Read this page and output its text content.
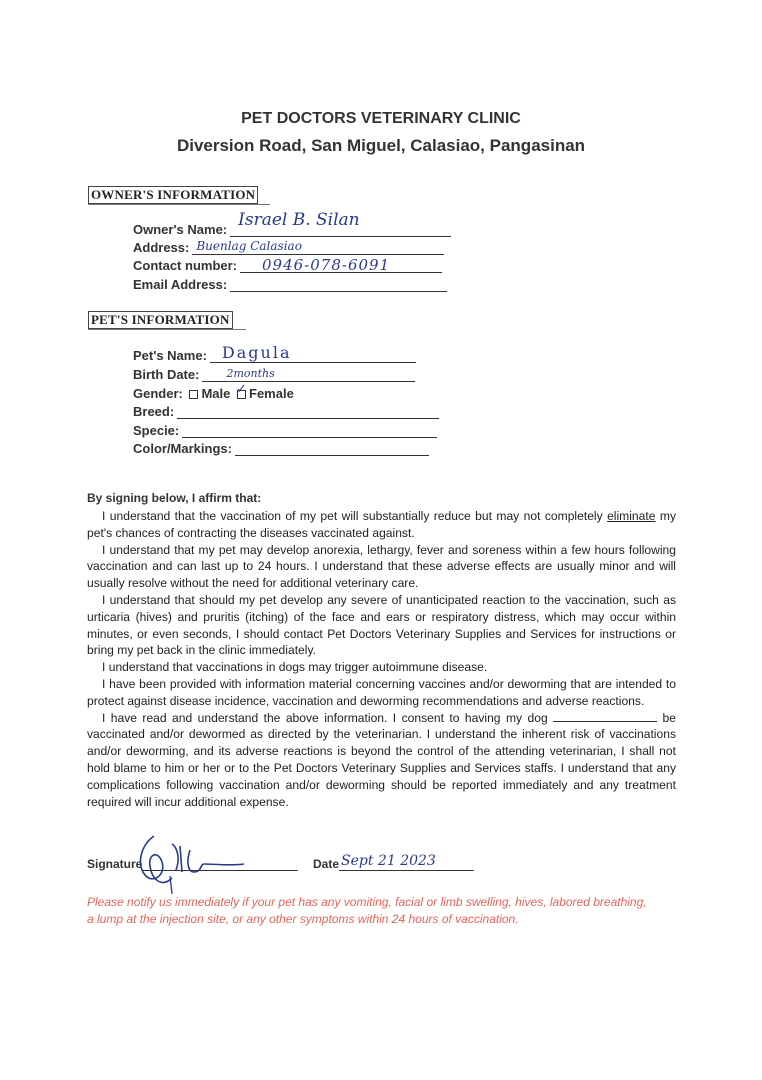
PET DOCTORS VETERINARY CLINIC
Diversion Road, San Miguel, Calasiao, Pangasinan
OWNER'S INFORMATION
Owner's Name: Israel B. Silan
Address: Buenlag Calasiao
Contact number: 0946-078-6091
Email Address:
PET'S INFORMATION
Pet's Name: Dagula
Birth Date: 2months
Gender: Male ✓ Female
Breed:
Specie:
Color/Markings:
By signing below, I affirm that:

I understand that the vaccination of my pet will substantially reduce but may not completely eliminate my pet's chances of contracting the diseases vaccinated against.

I understand that my pet may develop anorexia, lethargy, fever and soreness within a few hours following vaccination and can last up to 24 hours. I understand that these adverse effects are usually minor and will usually resolve without the need for additional veterinary care.

I understand that should my pet develop any severe of unanticipated reaction to the vaccination, such as urticaria (hives) and pruritis (itching) of the face and ears or respiratory distress, which may occur within minutes, or even seconds, I should contact Pet Doctors Veterinary Supplies and Services for instructions or bring my pet back in the clinic immediately.

I understand that vaccinations in dogs may trigger autoimmune disease.

I have been provided with information material concerning vaccines and/or deworming that are intended to protect against disease incidence, vaccination and deworming recommendations and adverse reactions.

I have read and understand the above information. I consent to having my dog	be vaccinated and/or dewormed as directed by the veterinarian. I understand the inherent risk of vaccinations and/or deworming, and its adverse reactions is beyond the control of the attending veterinarian, I shall not hold blame to him or her or to the Pet Doctors Veterinary Supplies and Services staffs. I understand that any complications following vaccination and/or deworming should be reported immediately and any treatment required will incur additional expense.

Signature	Date Sept 21 2023
Please notify us immediately if your pet has any vomiting, facial or limb swelling, hives, labored breathing, a lump at the injection site, or any other symptoms within 24 hours of vaccination.
